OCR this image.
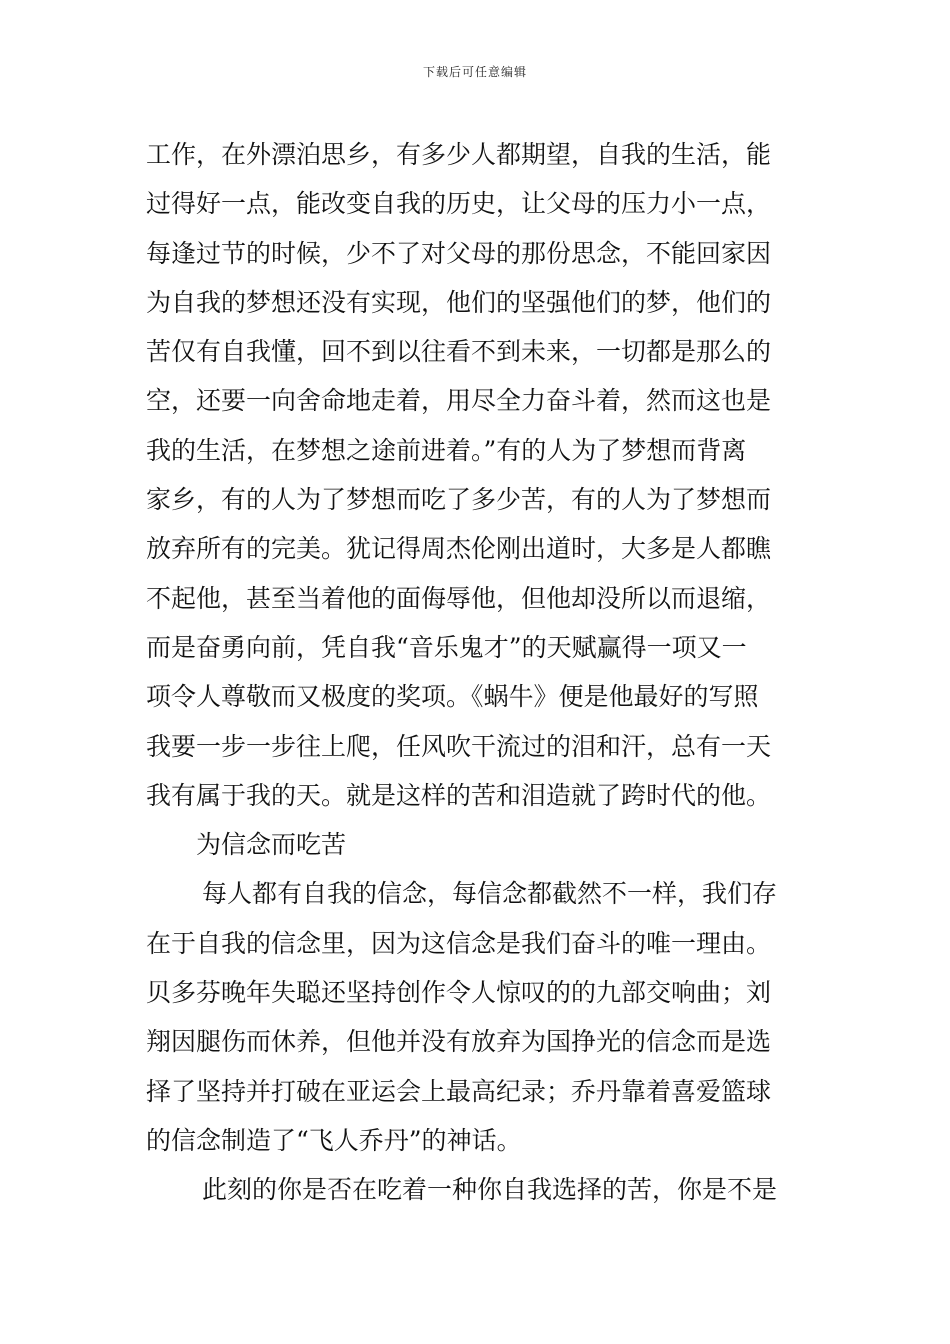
下载后可任意编辑
工作，在外漂泊思乡，有多少人都期望，自我的生活，能
过得好一点，能改变自我的历史，让父母的压力小一点，
每逢过节的时候，少不了对父母的那份思念，不能回家因
为自我的梦想还没有实现，他们的坚强他们的梦，他们的
苦仅有自我懂，回不到以往看不到未来，一切都是那么的
空，还要一向舍命地走着，用尽全力奋斗着，然而这也是
我的生活，在梦想之途前进着。”有的人为了梦想而背离
家乡，有的人为了梦想而吃了多少苦，有的人为了梦想而
放弃所有的完美。犹记得周杰伦刚出道时，大多是人都瞧
不起他，甚至当着他的面侮辱他，但他却没所以而退缩，
而是奋勇向前，凭自我“音乐鬼才”的天赋赢得一项又一
项令人尊敬而又极度的奖项。《蜗牛》便是他最好的写照
我要一步一步往上爬，任风吹干流过的泪和汗，总有一天
我有属于我的天。就是这样的苦和泪造就了跨时代的他。
为信念而吃苦
每人都有自我的信念，每信念都截然不一样，我们存
在于自我的信念里，因为这信念是我们奋斗的唯一理由。
贝多芬晚年失聪还坚持创作令人惊叹的的九部交响曲；刘
翔因腿伤而休养，但他并没有放弃为国挣光的信念而是选
择了坚持并打破在亚运会上最高纪录；乔丹靠着喜爱篮球
的信念制造了“飞人乔丹”的神话。
此刻的你是否在吃着一种你自我选择的苦，你是不是
